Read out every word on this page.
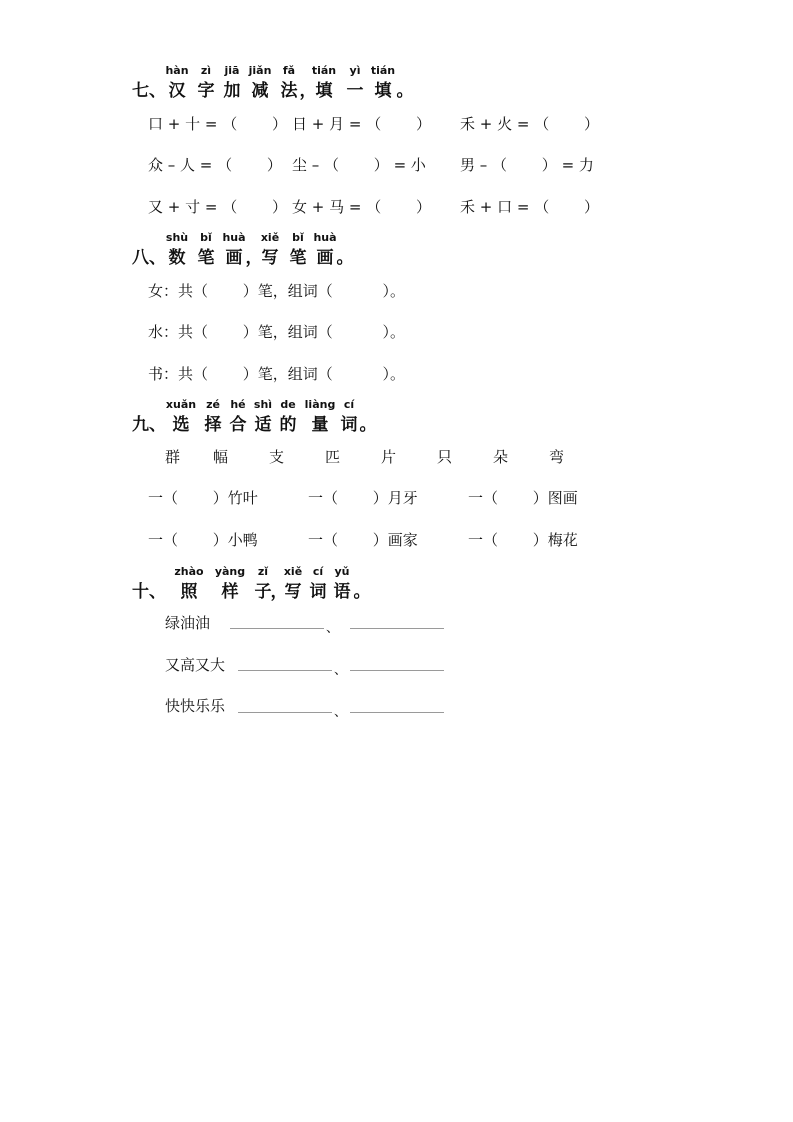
七、
hàn
汉
zì
字
jiā
加
jiǎn
减
fǎ
法 ，
tián
填
yì
一
tián
填 。
口 + 十 = （　　 ） 日 + 月 = （　　 ） 禾 + 火 = （　　 ）
众 – 人 = （　　 ） 尘 – （　　 ） = 小 男 – （　　 ） = 力
又 + 寸 = （　　 ） 女 + 马 = （　　 ） 禾 + 口 = （　　 ）
八、
shù
数
bǐ
笔
huà
画 ，
xiě
写
bǐ
笔
huà
画 。
女：共（　　 ）笔，组词（　　　 ）。
水：共（　　 ）笔，组词（　　　 ）。
书：共（　　 ）笔，组词（　　　 ）。
九、
xuǎn
选
zé
择
hé
合
shì
适
de
的
liàng
量
cí
词 。
群 幅	支	匹	片	只	朵	弯
一（　　 ）竹叶	一（　　 ）月牙	一（　　 ）图画
一（　　 ）小鸭	一（　　 ）画家	一（　　 ）梅花
十、
zhào
照
yàng
样
zǐ
子 ，
xiě
写
cí
词
yǔ
语 。
绿油油	、
又高又大	、
快快乐乐	、
